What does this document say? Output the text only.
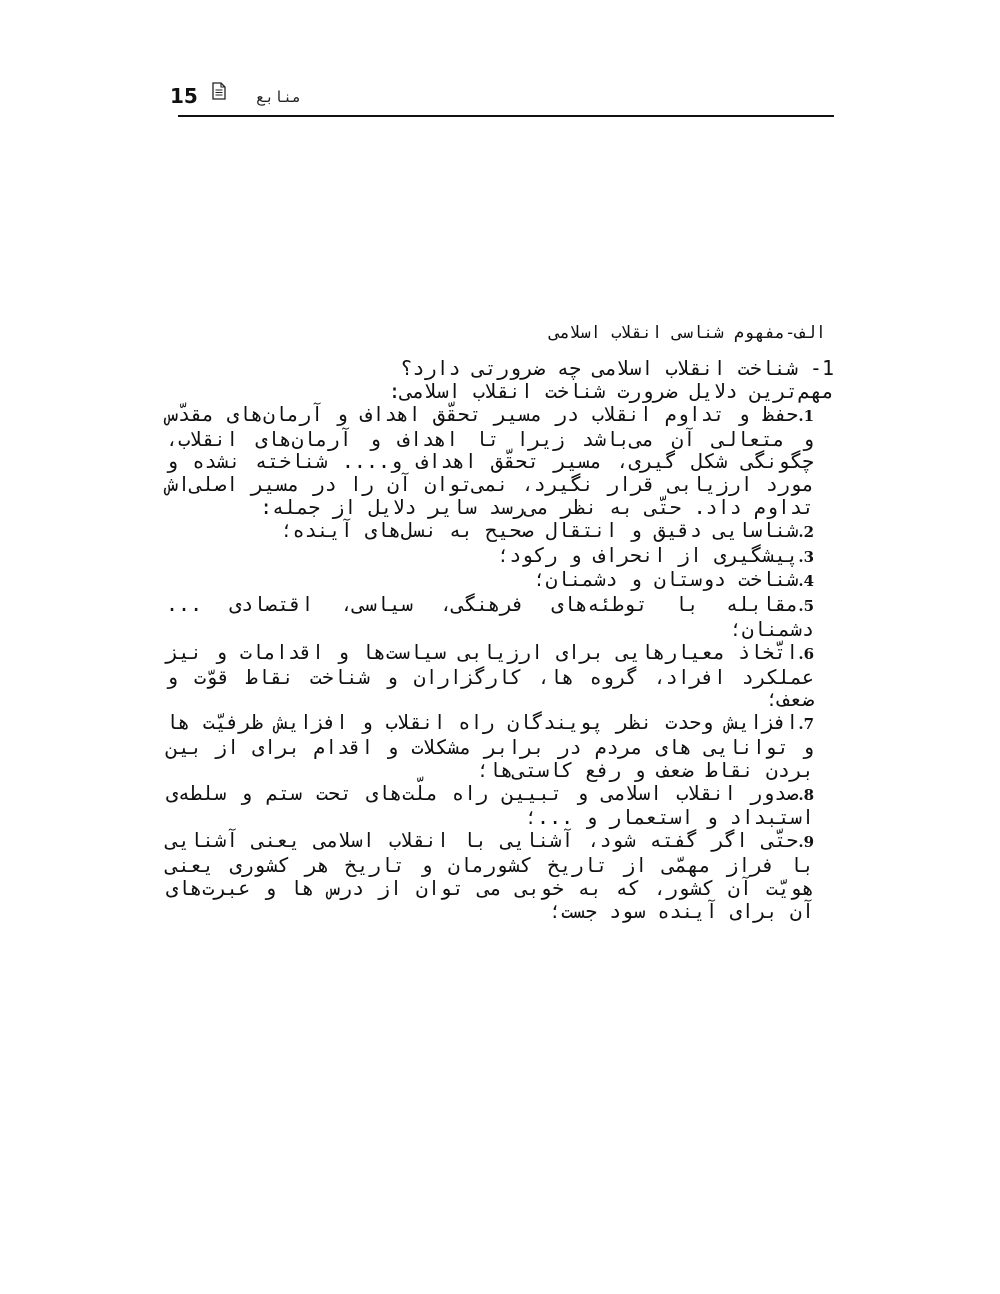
15	منابع
الف-مفهوم شناسی انقلاب اسلامی

1- شناخت انقلاب اسلامی چه ضرورتی دارد؟

مهم‌ترین دلایل ضرورت شناخت انقلاب اسلامی:

1.حفظ و تداوم انقلاب در مسیر تحقّق اهداف و آرمان‌های مقدّس و متعالی آن می‌باشد زیرا تا اهداف و آرمان‌های انقلاب، چگونگی شکل گیری، مسیر تحقّق اهداف و.... شناخته نشده و مورد ارزیابی قرار نگیرد، نمی‌توان آن را در مسیر اصلی‌اش تداوم داد. حتّی به نظر می‌رسد سایر دلایل از جمله:

2.شناسایی دقیق و انتقال صحیح به نسل‌های آینده؛

3.پیشگیری از انحراف و رکود؛

4.شناخت دوستان و دشمنان؛

5.مقابله با توطئه‌های فرهنگی، سیاسی، اقتصادی ... دشمنان؛

6.اتّخاذ معیارهایی برای ارزیابی سیاست‌ها و اقدامات و نیز عملکرد افراد، گروه ها، کارگزاران و شناخت نقاط قوّت و ضعف؛

7.افزایش وحدت نظر پویندگان راه انقلاب و افزایش ظرفیّت ها و توانایی های مردم در برابر مشکلات و اقدام برای از بین بردن نقاط ضعف و رفع کاستی‌ها؛

8.صدور انقلاب اسلامی و تبیین راه ملّت‌های تحت ستم و سلطه‌ی استبداد و استعمار و ...؛

9.حتّی اگر گفته شود، آشنایی با انقلاب اسلامی یعنی آشنایی با فراز مهمّی از تاریخ کشورمان و تاریخ هر کشوری یعنی هویّت آن کشور، که به خوبی می توان از درس ها و عبرت‌های آن برای آینده سود جست؛
